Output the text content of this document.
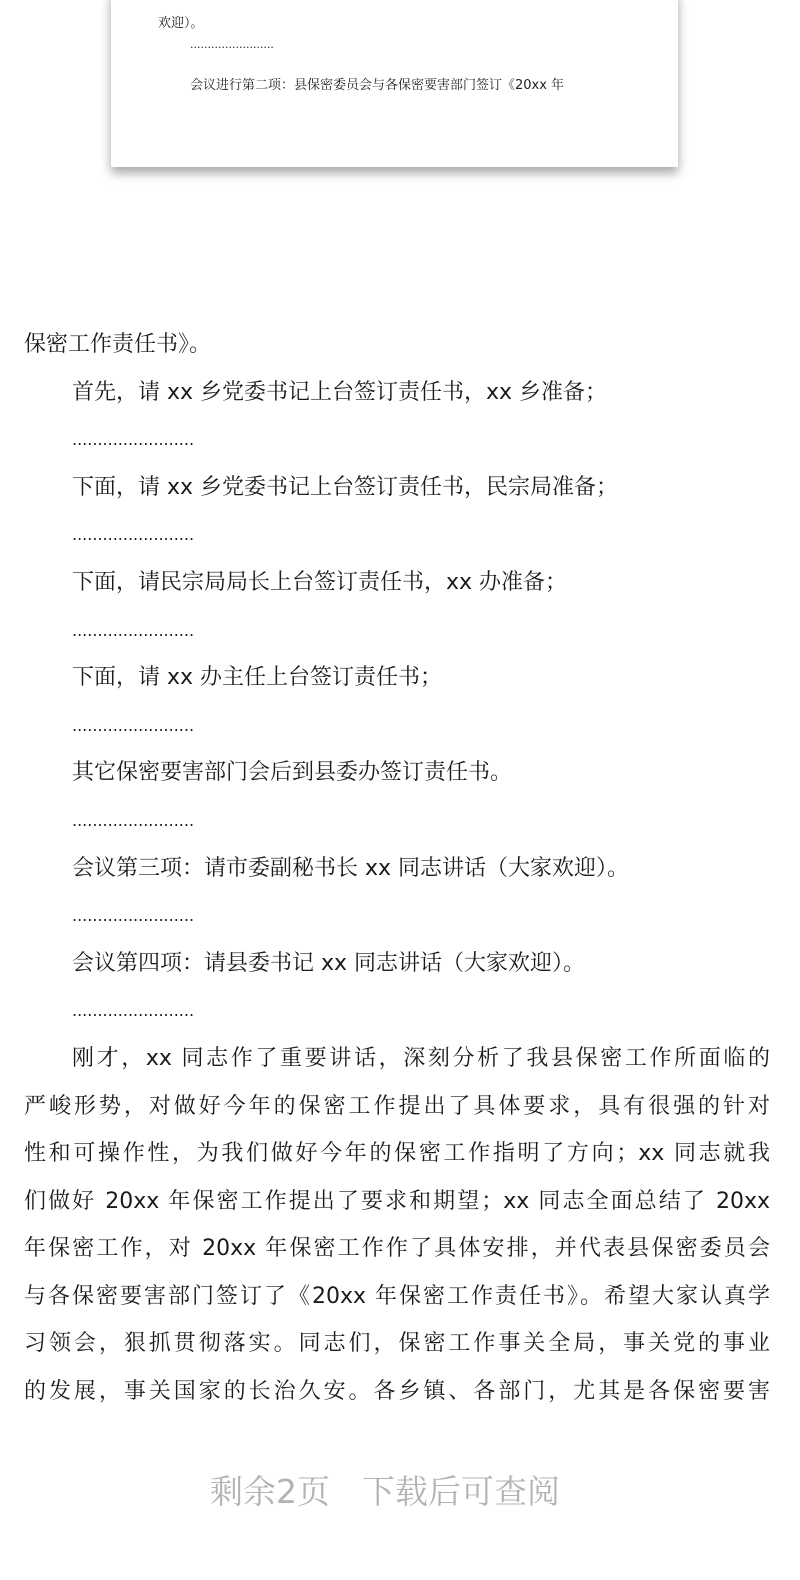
欢迎）。
........................
会议进行第二项：县保密委员会与各保密要害部门签订《20xx 年
保密工作责任书》。
首先，请 xx 乡党委书记上台签订责任书，xx 乡准备；
........................
下面，请 xx 乡党委书记上台签订责任书，民宗局准备；
........................
下面，请民宗局局长上台签订责任书，xx 办准备；
........................
下面，请 xx 办主任上台签订责任书；
........................
其它保密要害部门会后到县委办签订责任书。
........................
会议第三项：请市委副秘书长 xx 同志讲话（大家欢迎）。
........................
会议第四项：请县委书记 xx 同志讲话（大家欢迎）。
........................
刚才，xx 同志作了重要讲话，深刻分析了我县保密工作所面临的
严峻形势，对做好今年的保密工作提出了具体要求，具有很强的针对
性和可操作性，为我们做好今年的保密工作指明了方向；xx 同志就我
们做好 20xx 年保密工作提出了要求和期望；xx 同志全面总结了 20xx
年保密工作，对 20xx 年保密工作作了具体安排，并代表县保密委员会
与各保密要害部门签订了《20xx 年保密工作责任书》。希望大家认真学
习领会，狠抓贯彻落实。同志们，保密工作事关全局，事关党的事业
的发展，事关国家的长治久安。各乡镇、各部门，尤其是各保密要害
剩余2页 下载后可查阅
